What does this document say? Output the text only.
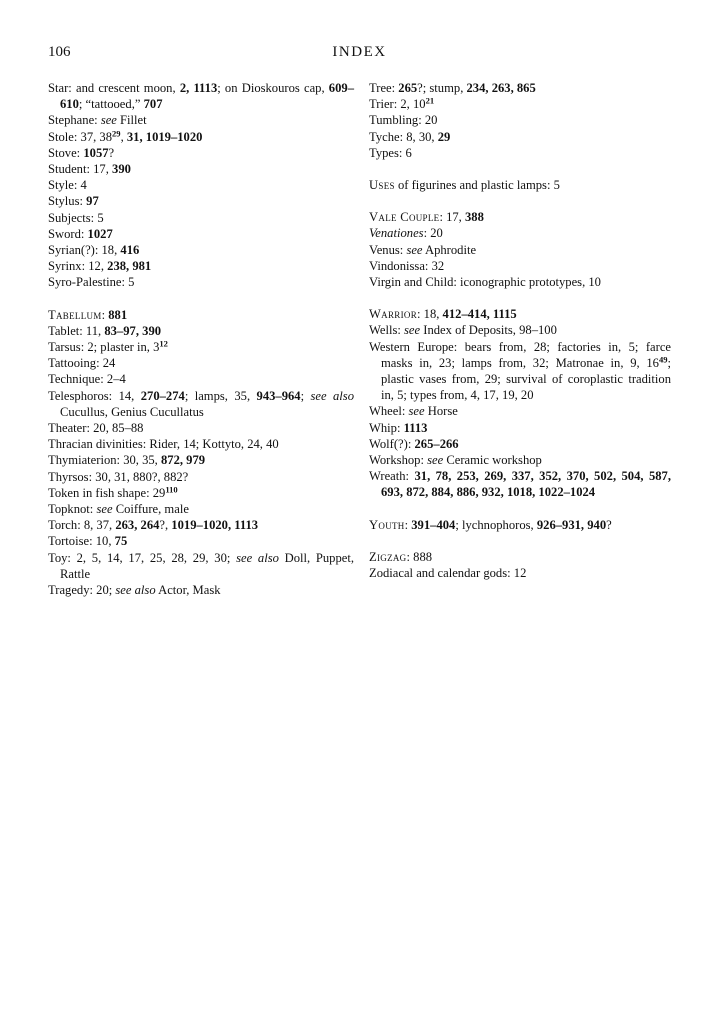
106	INDEX
Star: and crescent moon, 2, 1113; on Dioskouros cap, 609–610; “tattooed,” 707
Stephane: see Fillet
Stole: 37, $38^{29}$, 31, 1019–1020
Stove: 1057?
Student: 17, 390
Style: 4
Stylus: 97
Subjects: 5
Sword: 1027
Syrian(?): 18, 416
Syrinx: 12, 238, 981
Syro-Palestine: 5
Tabellum: 881
Tablet: 11, 83–97, 390
Tarsus: 2; plaster in, $3^{12}$
Tattooing: 24
Technique: 2–4
Telesphoros: 14, 270–274; lamps, 35, 943–964; see also Cucullus, Genius Cucullatus
Theater: 20, 85–88
Thracian divinities: Rider, 14; Kottyto, 24, 40
Thymiaterion: 30, 35, 872, 979
Thyrsos: 30, 31, 880?, 882?
Token in fish shape: $29^{110}$
Topknot: see Coiffure, male
Torch: 8, 37, 263, 264?, 1019–1020, 1113
Tortoise: 10, 75
Toy: 2, 5, 14, 17, 25, 28, 29, 30; see also Doll, Puppet, Rattle
Tragedy: 20; see also Actor, Mask
Tree: 265?; stump, 234, 263, 865
Trier: 2, $10^{21}$
Tumbling: 20
Tyche: 8, 30, 29
Types: 6
Uses of figurines and plastic lamps: 5
Vale Couple: 17, 388
Venationes: 20
Venus: see Aphrodite
Vindonissa: 32
Virgin and Child: iconographic prototypes, 10
Warrior: 18, 412–414, 1115
Wells: see Index of Deposits, 98–100
Western Europe: bears from, 28; factories in, 5; farce masks in, 23; lamps from, 32; Matronae in, 9, $16^{49}$; plastic vases from, 29; survival of coroplastic tradition in, 5; types from, 4, 17, 19, 20
Wheel: see Horse
Whip: 1113
Wolf(?): 265–266
Workshop: see Ceramic workshop
Wreath: 31, 78, 253, 269, 337, 352, 370, 502, 504, 587, 693, 872, 884, 886, 932, 1018, 1022–1024
Youth: 391–404; lychnophoros, 926–931, 940?
Zigzag: 888
Zodiacal and calendar gods: 12
